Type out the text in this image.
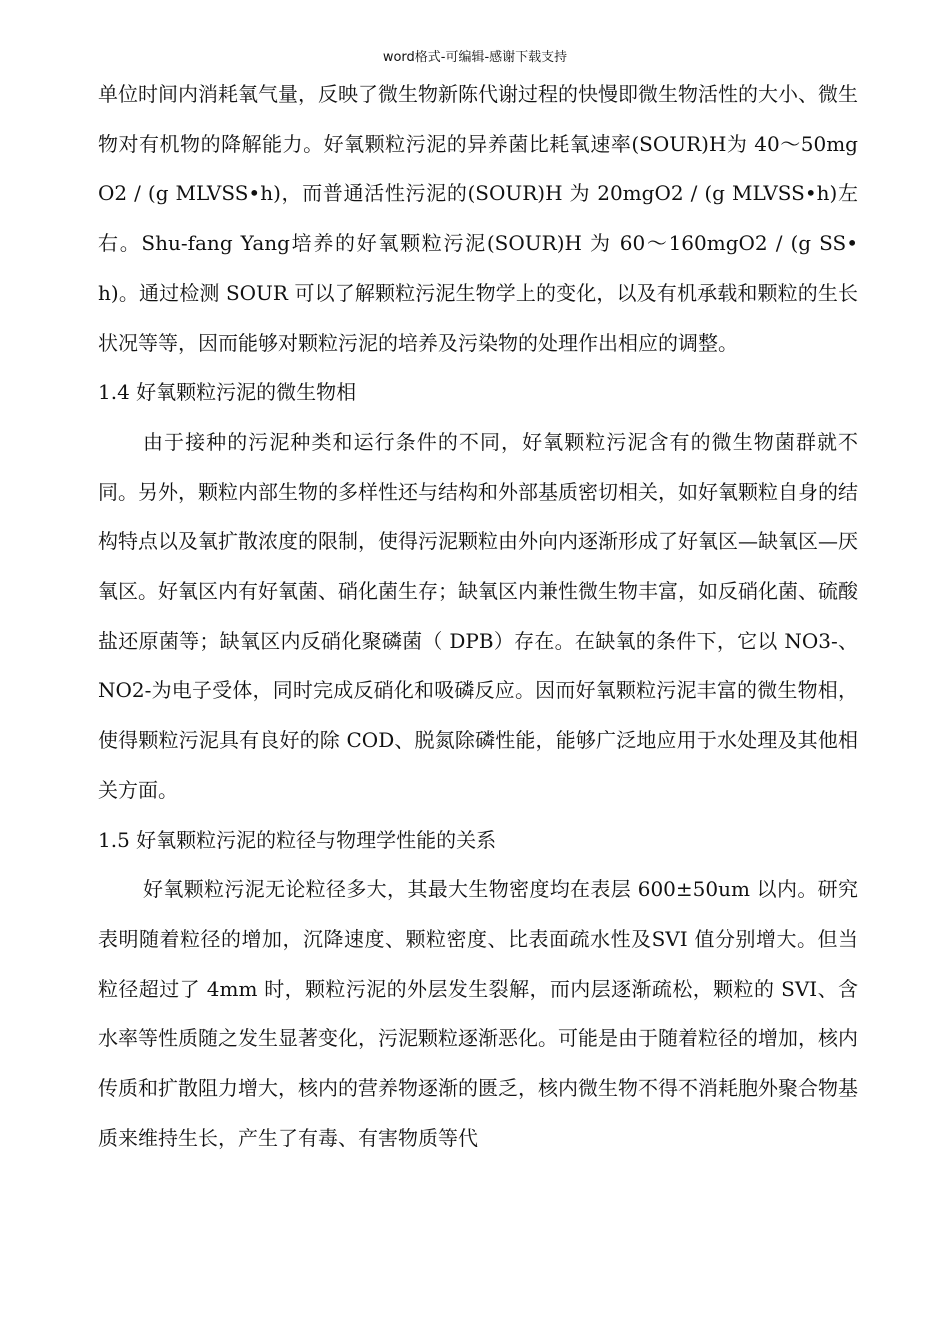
word格式-可编辑-感谢下载支持

单位时间内消耗氧气量，反映了微生物新陈代谢过程的快慢即微生物活性的大小、微生物对有机物的降解能力。好氧颗粒污泥的异养菌比耗氧速率(SOUR)H为 40～50mgO2 / (g MLVSS•h)，而普通活性污泥的(SOUR)H 为 20mgO2 / (g MLVSS•h)左右。Shu-fang Yang培养的好氧颗粒污泥(SOUR)H 为 60～160mgO2 / (g SS•h)。通过检测 SOUR 可以了解颗粒污泥生物学上的变化，以及有机承载和颗粒的生长状况等等，因而能够对颗粒污泥的培养及污染物的处理作出相应的调整。

1.4 好氧颗粒污泥的微生物相

由于接种的污泥种类和运行条件的不同，好氧颗粒污泥含有的微生物菌群就不同。另外，颗粒内部生物的多样性还与结构和外部基质密切相关，如好氧颗粒自身的结构特点以及氧扩散浓度的限制，使得污泥颗粒由外向内逐渐形成了好氧区—缺氧区—厌氧区。好氧区内有好氧菌、硝化菌生存；缺氧区内兼性微生物丰富，如反硝化菌、硫酸盐还原菌等；缺氧区内反硝化聚磷菌（ DPB）存在。在缺氧的条件下，它以 NO3-、NO2-为电子受体，同时完成反硝化和吸磷反应。因而好氧颗粒污泥丰富的微生物相，使得颗粒污泥具有良好的除 COD、脱氮除磷性能，能够广泛地应用于水处理及其他相关方面。

1.5 好氧颗粒污泥的粒径与物理学性能的关系

好氧颗粒污泥无论粒径多大，其最大生物密度均在表层 600±50um 以内。研究表明随着粒径的增加，沉降速度、颗粒密度、比表面疏水性及SVI 值分别增大。但当粒径超过了 4mm 时，颗粒污泥的外层发生裂解，而内层逐渐疏松，颗粒的 SVI、含水率等性质随之发生显著变化，污泥颗粒逐渐恶化。可能是由于随着粒径的增加，核内传质和扩散阻力增大，核内的营养物逐渐的匮乏，核内微生物不得不消耗胞外聚合物基质来维持生长，产生了有毒、有害物质等代
